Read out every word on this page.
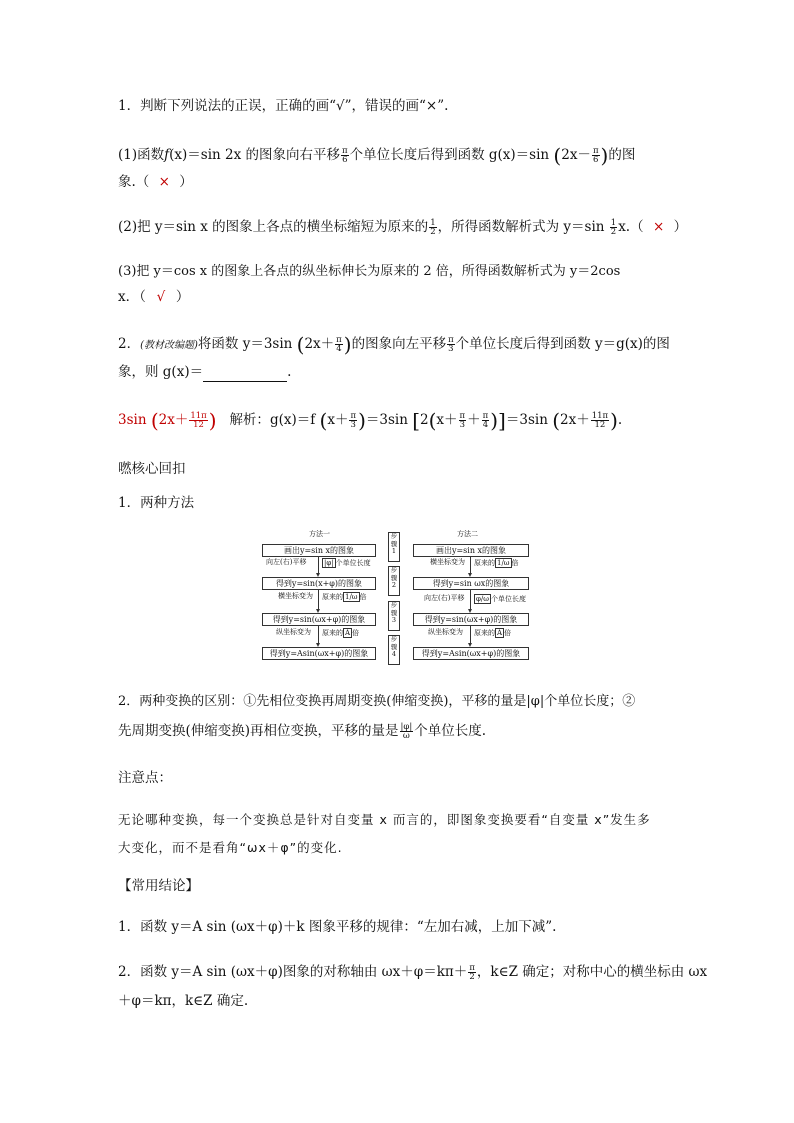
1．判断下列说法的正误，正确的画“√”，错误的画“×”.
(1)函数f(x)＝sin 2x 的图象向右平移 $\frac{\pi}{6}$ 个单位长度后得到函数 g(x)＝sin ($2x- \frac{\pi}{6}$ )的图
象.（ × ）
(2)把 y＝sin x 的图象上各点的横坐标缩短为原来的 $\frac{1}{2}$ ，所得函数解析式为 $y=\sin \frac{1}{2} x$.（ × ）
(3)把 y＝cos x 的图象上各点的纵坐标伸长为原来的 2 倍，所得函数解析式为 y＝2cos
x．（ √ ）
2．(教材改编题)将函数 y＝3sin ($2x+ \frac{\pi}{4}$ )的图象向左平移 $\frac{\pi}{3}$ 个单位长度后得到函数 y＝g(x)的图
象，则 g(x)＝	.
3sin ($2x+ \frac{11\pi}{12}$ ) 解析：g(x)＝f $(x+ \frac{\pi}{3} )=3\sin$ $[2(x+ \frac{\pi}{3} + \frac{\pi}{4} )]=3\sin$ ($2x+ \frac{11\pi}{12}$ ).
嘫核心回扣
1．两种方法
方法一	方法二
画出y=sin x的图象
得到y=sin(x+φ)的图象
得到y=sin(ωx+φ)的图象
得到y=Asin(ωx+φ)的图象
画出y=sin x的图象
得到y=sin ωx的图象
得到y=sin(ωx+φ)的图象
得到y=Asin(ωx+φ)的图象
步骤1
步骤2
步骤3
步骤4
向左(右)平移	|φ| 个单位长度
横坐标变为 原来的 1/ω 倍
纵坐标变为 原来的 A 倍
横坐标变为 原来的 1/ω 倍
向左(右)平移 φ/ω 个单位长度
纵坐标变为 原来的 A 倍
2．两种变换的区别：①先相位变换再周期变换(伸缩变换)，平移的量是|φ|个单位长度；②
先周期变换(伸缩变换)再相位变换，平移的量是 $\frac{|\varphi|}{\omega}$ 个单位长度.
注意点：
无论哪种变换，每一个变换总是针对自变量 x 而言的，即图象变换要看“自变量 x”发生多
大变化，而不是看角“ωx＋φ”的变化.
【常用结论】
1．函数 y＝A sin (ωx＋φ)＋k 图象平移的规律：“左加右减，上加下减”.
2．函数 y＝A sin (ωx＋φ)图象的对称轴由 $\omega x+\varphi=k\pi+ \frac{\pi}{2}$ ，k∈Z 确定；对称中心的横坐标由 ωx
＋φ＝kπ，k∈Z 确定.
